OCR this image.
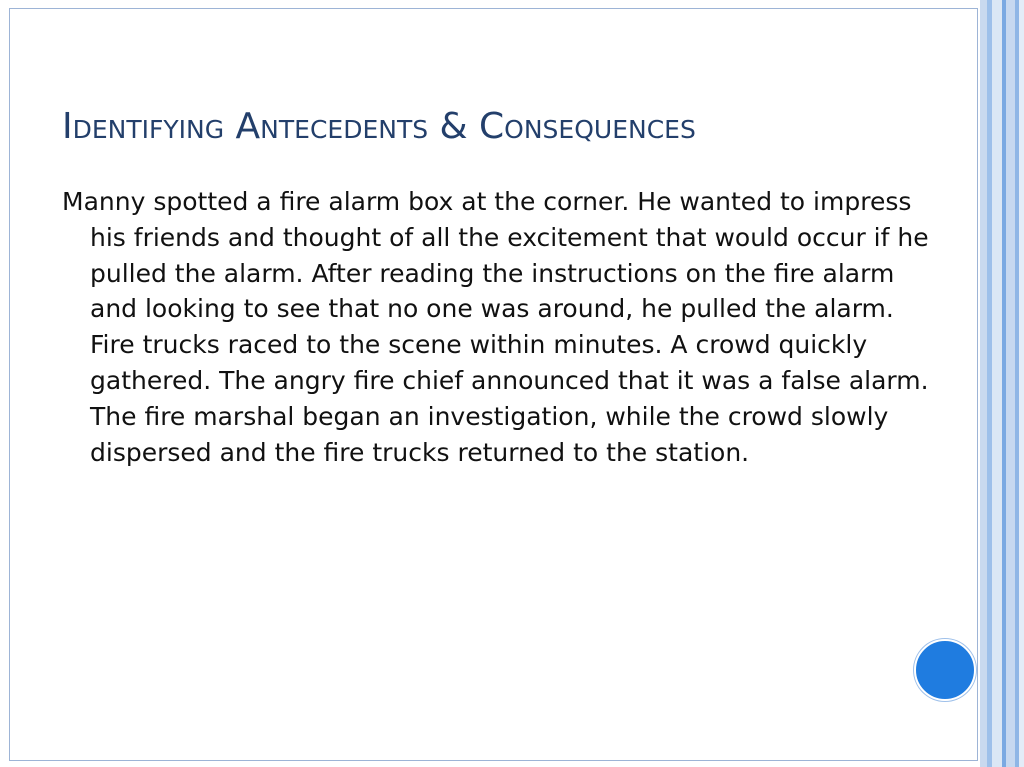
Identifying Antecedents & Consequences

Manny spotted a fire alarm box at the corner. He wanted to impress his friends and thought of all the excitement that would occur if he pulled the alarm. After reading the instructions on the fire alarm and looking to see that no one was around, he pulled the alarm. Fire trucks raced to the scene within minutes. A crowd quickly gathered. The angry fire chief announced that it was a false alarm. The fire marshal began an investigation, while the crowd slowly dispersed and the fire trucks returned to the station.
